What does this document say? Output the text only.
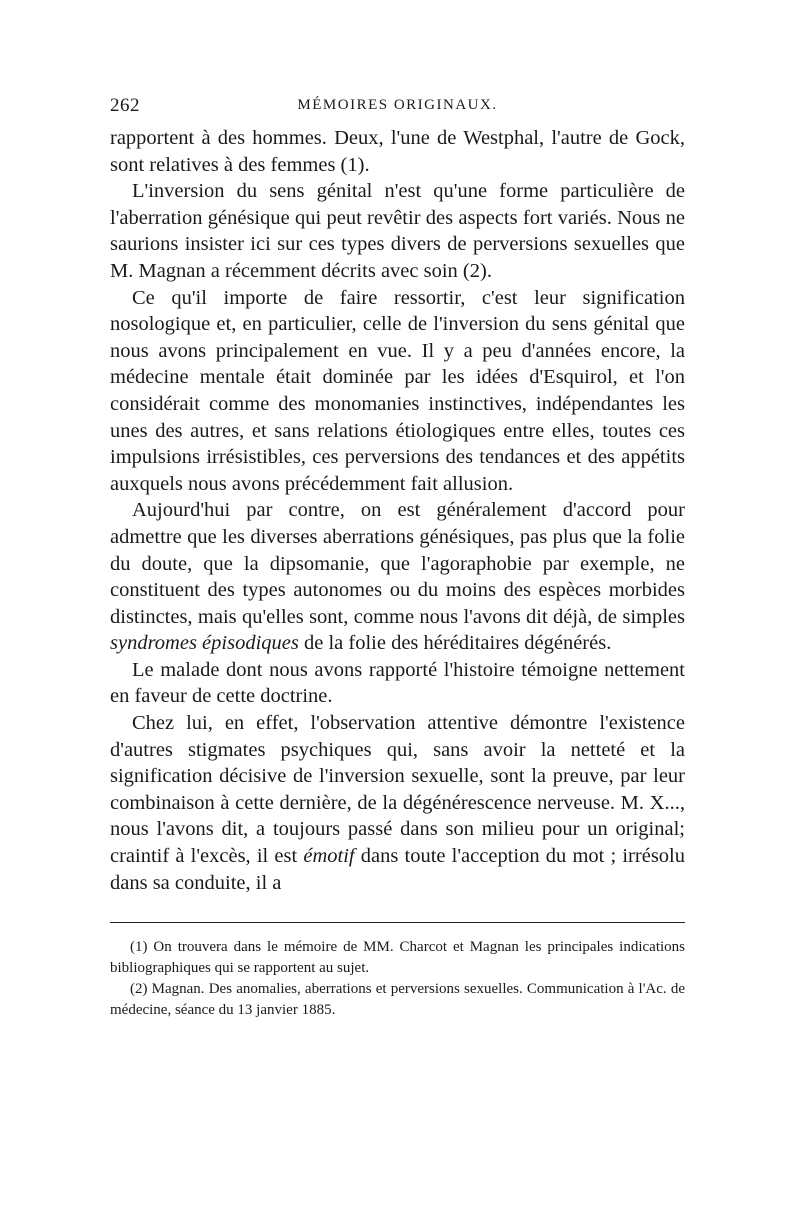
262	MÉMOIRES ORIGINAUX.

rapportent à des hommes. Deux, l'une de Westphal, l'autre de Gock, sont relatives à des femmes (1).

L'inversion du sens génital n'est qu'une forme particulière de l'aberration génésique qui peut revêtir des aspects fort variés. Nous ne saurions insister ici sur ces types divers de perversions sexuelles que M. Magnan a récemment décrits avec soin (2).

Ce qu'il importe de faire ressortir, c'est leur signification nosologique et, en particulier, celle de l'inversion du sens génital que nous avons principalement en vue. Il y a peu d'années encore, la médecine mentale était dominée par les idées d'Esquirol, et l'on considérait comme des monomanies instinctives, indépendantes les unes des autres, et sans relations étiologiques entre elles, toutes ces impulsions irrésistibles, ces perversions des tendances et des appétits auxquels nous avons précédemment fait allusion.

Aujourd'hui par contre, on est généralement d'accord pour admettre que les diverses aberrations génésiques, pas plus que la folie du doute, que la dipsomanie, que l'agoraphobie par exemple, ne constituent des types autonomes ou du moins des espèces morbides distinctes, mais qu'elles sont, comme nous l'avons dit déjà, de simples syndromes épisodiques de la folie des héréditaires dégénérés.

Le malade dont nous avons rapporté l'histoire témoigne nettement en faveur de cette doctrine.

Chez lui, en effet, l'observation attentive démontre l'existence d'autres stigmates psychiques qui, sans avoir la netteté et la signification décisive de l'inversion sexuelle, sont la preuve, par leur combinaison à cette dernière, de la dégénérescence nerveuse. M. X..., nous l'avons dit, a toujours passé dans son milieu pour un original; craintif à l'excès, il est émotif dans toute l'acception du mot ; irrésolu dans sa conduite, il a

(1) On trouvera dans le mémoire de MM. Charcot et Magnan les principales indications bibliographiques qui se rapportent au sujet.

(2) Magnan. Des anomalies, aberrations et perversions sexuelles. Communication à l'Ac. de médecine, séance du 13 janvier 1885.
